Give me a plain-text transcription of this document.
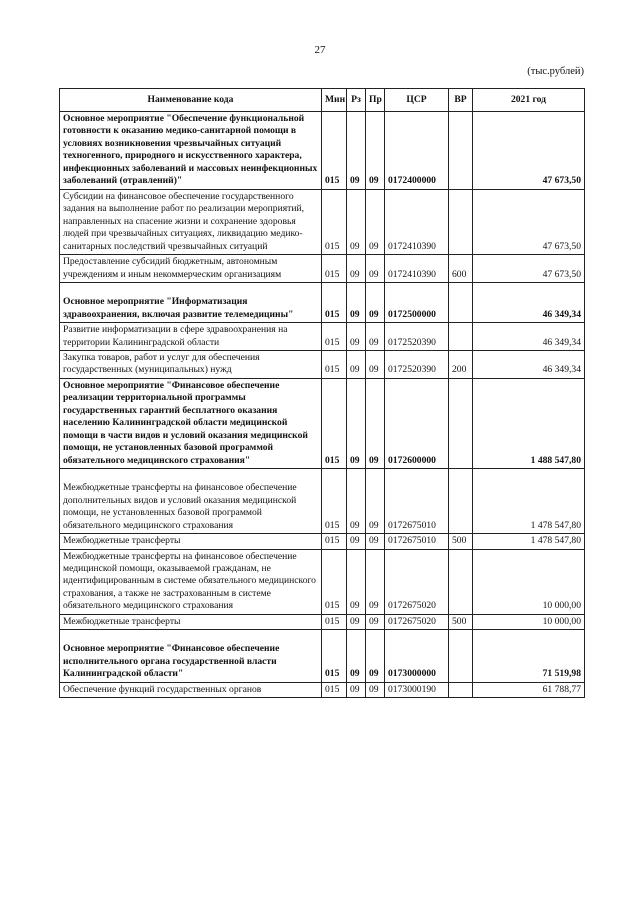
27
(тыс.рублей)
Наименование кода	Мин	Рз	Пр	ЦСР	ВР	2021 год
Основное мероприятие "Обеспечение функциональной готовности к оказанию медико-санитарной помощи в условиях возникновения чрезвычайных ситуаций техногенного, природного и искусственного характера, инфекционных заболеваний и массовых неинфекционных заболеваний (отравлений)"	015	09	09	0172400000		47 673,50
Субсидии на финансовое обеспечение государственного задания на выполнение работ по реализации мероприятий, направленных на спасение жизни и сохранение здоровья людей при чрезвычайных ситуациях, ликвидацию медико-санитарных последствий чрезвычайных ситуаций	015	09	09	0172410390		47 673,50
Предоставление субсидий бюджетным, автономным учреждениям и иным некоммерческим организациям	015	09	09	0172410390	600	47 673,50

Основное мероприятие "Информатизация здравоохранения, включая развитие телемедицины"	015	09	09	0172500000		46 349,34
Развитие информатизации в сфере здравоохранения на территории Калининградской области	015	09	09	0172520390		46 349,34
Закупка товаров, работ и услуг для обеспечения государственных (муниципальных) нужд	015	09	09	0172520390	200	46 349,34
Основное мероприятие "Финансовое обеспечение реализации территориальной программы государственных гарантий бесплатного оказания населению Калининградской области медицинской помощи в части видов и условий оказания медицинской помощи, не установленных базовой программой обязательного медицинского страхования"	015	09	09	0172600000		1 488 547,80

Межбюджетные трансферты на финансовое обеспечение дополнительных видов и условий оказания медицинской помощи, не установленных базовой программой обязательного медицинского страхования	015	09	09	0172675010		1 478 547,80
Межбюджетные трансферты	015	09	09	0172675010	500	1 478 547,80
Межбюджетные трансферты на финансовое обеспечение медицинской помощи, оказываемой гражданам, не идентифицированным в системе обязательного медицинского страхования, а также не застрахованным в системе обязательного медицинского страхования	015	09	09	0172675020		10 000,00
Межбюджетные трансферты	015	09	09	0172675020	500	10 000,00

Основное мероприятие "Финансовое обеспечение исполнительного органа государственной власти Калининградской области"	015	09	09	0173000000		71 519,98
Обеспечение функций государственных органов	015	09	09	0173000190		61 788,77
